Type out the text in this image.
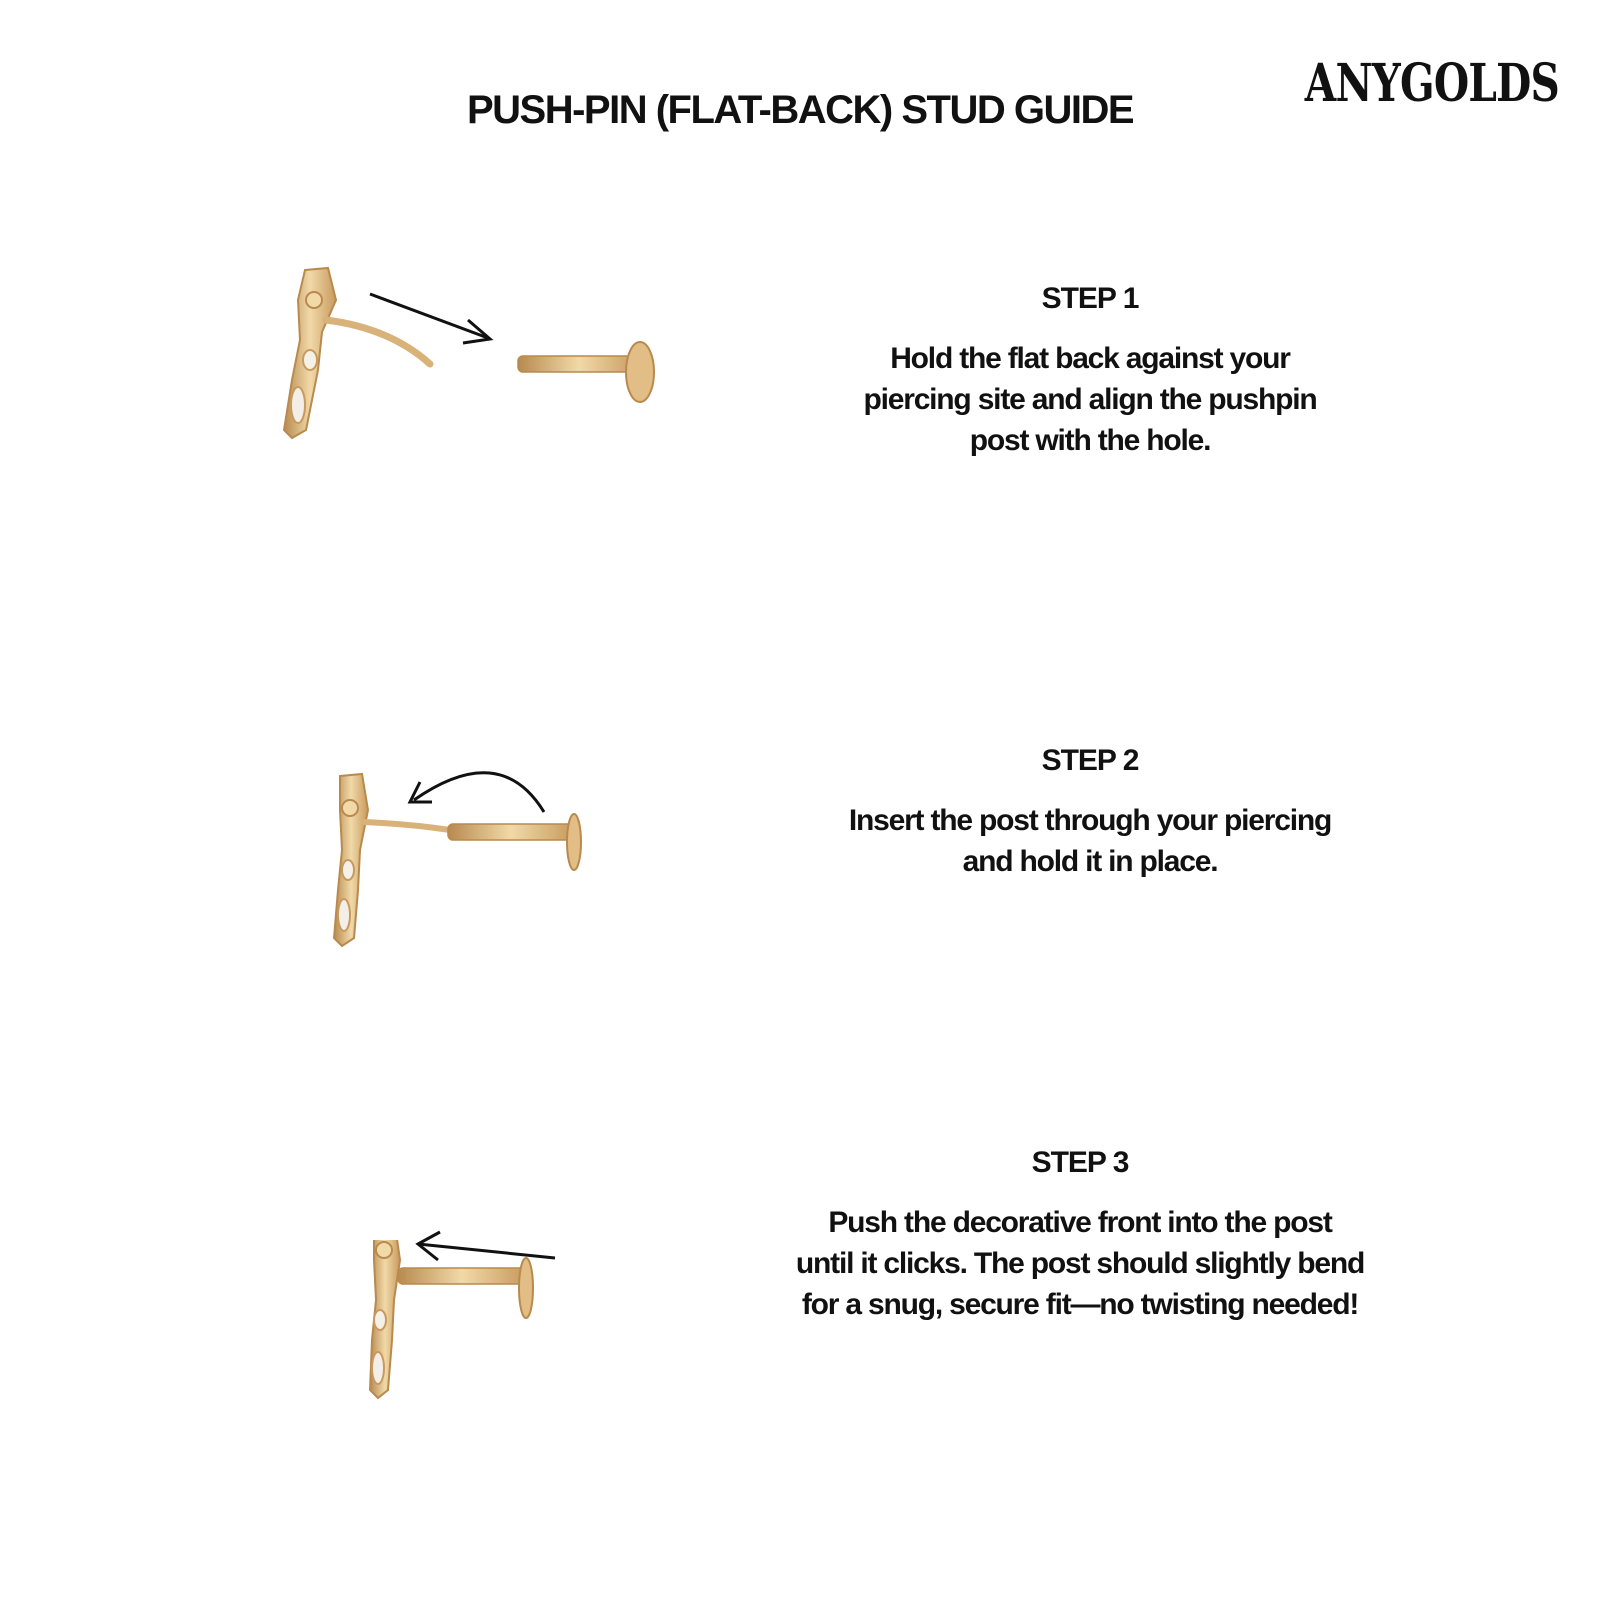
PUSH-PIN (FLAT-BACK) STUD GUIDE	ANYGOLDS

STEP 1

Hold the flat back against your
piercing site and align the pushpin
post with the hole.

STEP 2

Insert the post through your piercing
and hold it in place.

STEP 3

Push the decorative front into the post
until it clicks. The post should slightly bend
for a snug, secure fit—no twisting needed!
